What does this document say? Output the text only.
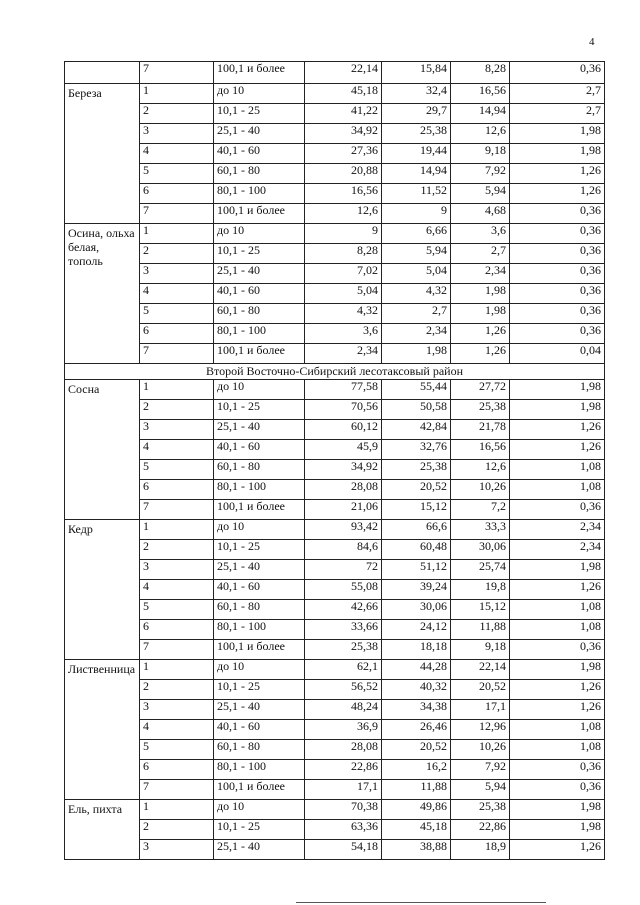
4
	7	100,1 и более	22,14	15,84	8,28	0,36
Береза	1	до 10	45,18	32,4	16,56	2,7
	2	10,1 - 25	41,22	29,7	14,94	2,7
	3	25,1 - 40	34,92	25,38	12,6	1,98
	4	40,1 - 60	27,36	19,44	9,18	1,98
	5	60,1 - 80	20,88	14,94	7,92	1,26
	6	80,1 - 100	16,56	11,52	5,94	1,26
	7	100,1 и более	12,6	9	4,68	0,36
Осина, ольха белая, тополь	1	до 10	9	6,66	3,6	0,36
	2	10,1 - 25	8,28	5,94	2,7	0,36
	3	25,1 - 40	7,02	5,04	2,34	0,36
	4	40,1 - 60	5,04	4,32	1,98	0,36
	5	60,1 - 80	4,32	2,7	1,98	0,36
	6	80,1 - 100	3,6	2,34	1,26	0,36
	7	100,1 и более	2,34	1,98	1,26	0,04
Второй Восточно-Сибирский лесотаксовый район						
Сосна	1	до 10	77,58	55,44	27,72	1,98
	2	10,1 - 25	70,56	50,58	25,38	1,98
	3	25,1 - 40	60,12	42,84	21,78	1,26
	4	40,1 - 60	45,9	32,76	16,56	1,26
	5	60,1 - 80	34,92	25,38	12,6	1,08
	6	80,1 - 100	28,08	20,52	10,26	1,08
	7	100,1 и более	21,06	15,12	7,2	0,36
Кедр	1	до 10	93,42	66,6	33,3	2,34
	2	10,1 - 25	84,6	60,48	30,06	2,34
	3	25,1 - 40	72	51,12	25,74	1,98
	4	40,1 - 60	55,08	39,24	19,8	1,26
	5	60,1 - 80	42,66	30,06	15,12	1,08
	6	80,1 - 100	33,66	24,12	11,88	1,08
	7	100,1 и более	25,38	18,18	9,18	0,36
Лиственница	1	до 10	62,1	44,28	22,14	1,98
	2	10,1 - 25	56,52	40,32	20,52	1,26
	3	25,1 - 40	48,24	34,38	17,1	1,26
	4	40,1 - 60	36,9	26,46	12,96	1,08
	5	60,1 - 80	28,08	20,52	10,26	1,08
	6	80,1 - 100	22,86	16,2	7,92	0,36
	7	100,1 и более	17,1	11,88	5,94	0,36
Ель, пихта	1	до 10	70,38	49,86	25,38	1,98
	2	10,1 - 25	63,36	45,18	22,86	1,98
	3	25,1 - 40	54,18	38,88	18,9	1,26
